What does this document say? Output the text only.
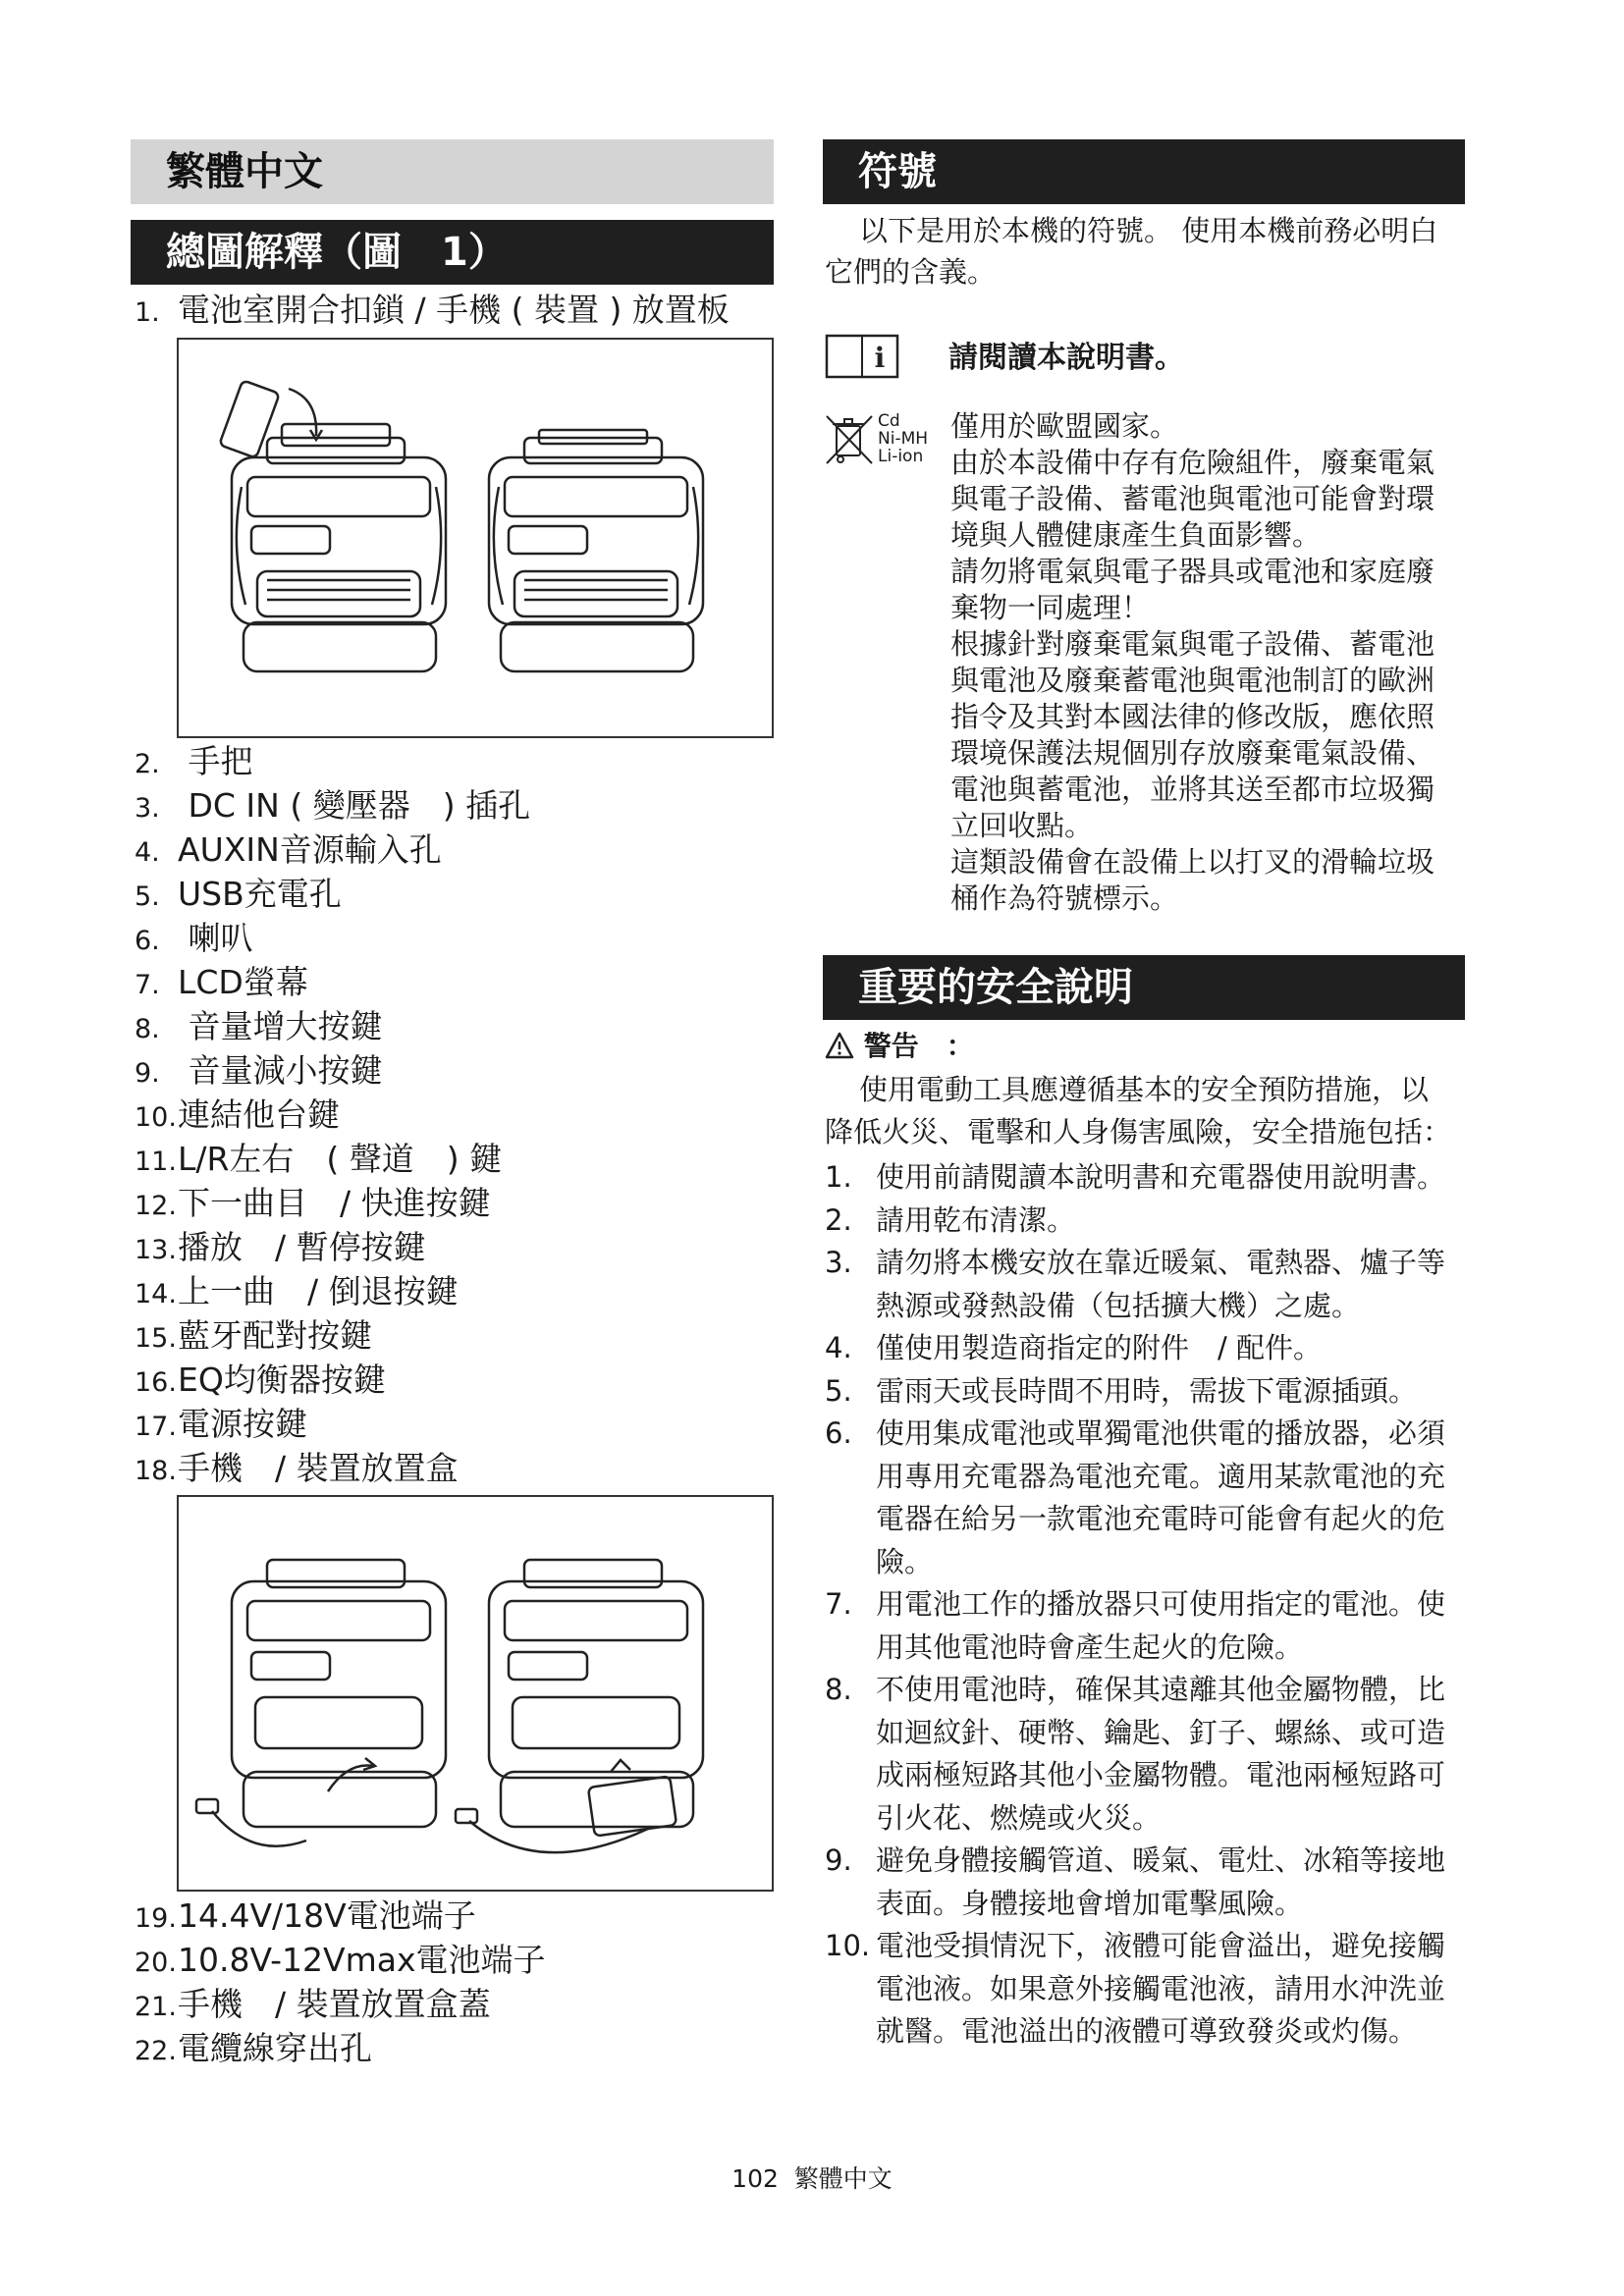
繁體中文
總圖解釋（圖　1）
1. 電池室開合扣鎖 / 手機 ( 裝置 ) 放置板
2. 手把
3. DC IN ( 變壓器　) 插孔
4. AUXIN音源輸入孔
5. USB充電孔
6. 喇叭
7. LCD螢幕
8. 音量增大按鍵
9. 音量減小按鍵
10.連結他台鍵
11.L/R左右　( 聲道　) 鍵
12.下一曲目　/ 快進按鍵
13.播放　/ 暫停按鍵
14.上一曲　/ 倒退按鍵
15.藍牙配對按鍵
16.EQ均衡器按鍵
17.電源按鍵
18.手機　/ 裝置放置盒
19.14.4V/18V電池端子
20.10.8V-12Vmax電池端子
21.手機　/ 裝置放置盒蓋
22.電纜線穿出孔
符號
以下是用於本機的符號。 使用本機前務必明白
它們的含義。
i 請閱讀本說明書。
Cd
Ni-MH
Li-ion
僅用於歐盟國家。
由於本設備中存有危險組件，廢棄電氣
與電子設備、蓄電池與電池可能會對環
境與人體健康產生負面影響。
請勿將電氣與電子器具或電池和家庭廢
棄物一同處理！
根據針對廢棄電氣與電子設備、蓄電池
與電池及廢棄蓄電池與電池制訂的歐洲
指令及其對本國法律的修改版，應依照
環境保護法規個別存放廢棄電氣設備、
電池與蓄電池，並將其送至都市垃圾獨
立回收點。
這類設備會在設備上以打叉的滑輪垃圾
桶作為符號標示。
重要的安全說明
警告　：
使用電動工具應遵循基本的安全預防措施，以
降低火災、電擊和人身傷害風險，安全措施包括：
1. 使用前請閱讀本說明書和充電器使用說明書。
2. 請用乾布清潔。
3. 請勿將本機安放在靠近暖氣、電熱器、爐子等
熱源或發熱設備（包括擴大機）之處。
4. 僅使用製造商指定的附件　/ 配件。
5. 雷雨天或長時間不用時，需拔下電源插頭。
6. 使用集成電池或單獨電池供電的播放器，必須
用專用充電器為電池充電。適用某款電池的充
電器在給另一款電池充電時可能會有起火的危
險。
7. 用電池工作的播放器只可使用指定的電池。使
用其他電池時會產生起火的危險。
8. 不使用電池時，確保其遠離其他金屬物體，比
如迴紋針、硬幣、鑰匙、釘子、螺絲、或可造
成兩極短路其他小金屬物體。電池兩極短路可
引火花、燃燒或火災。
9. 避免身體接觸管道、暖氣、電灶、冰箱等接地
表面。身體接地會增加電擊風險。
10. 電池受損情況下，液體可能會溢出，避免接觸
電池液。如果意外接觸電池液，請用水沖洗並
就醫。電池溢出的液體可導致發炎或灼傷。
102 繁體中文
